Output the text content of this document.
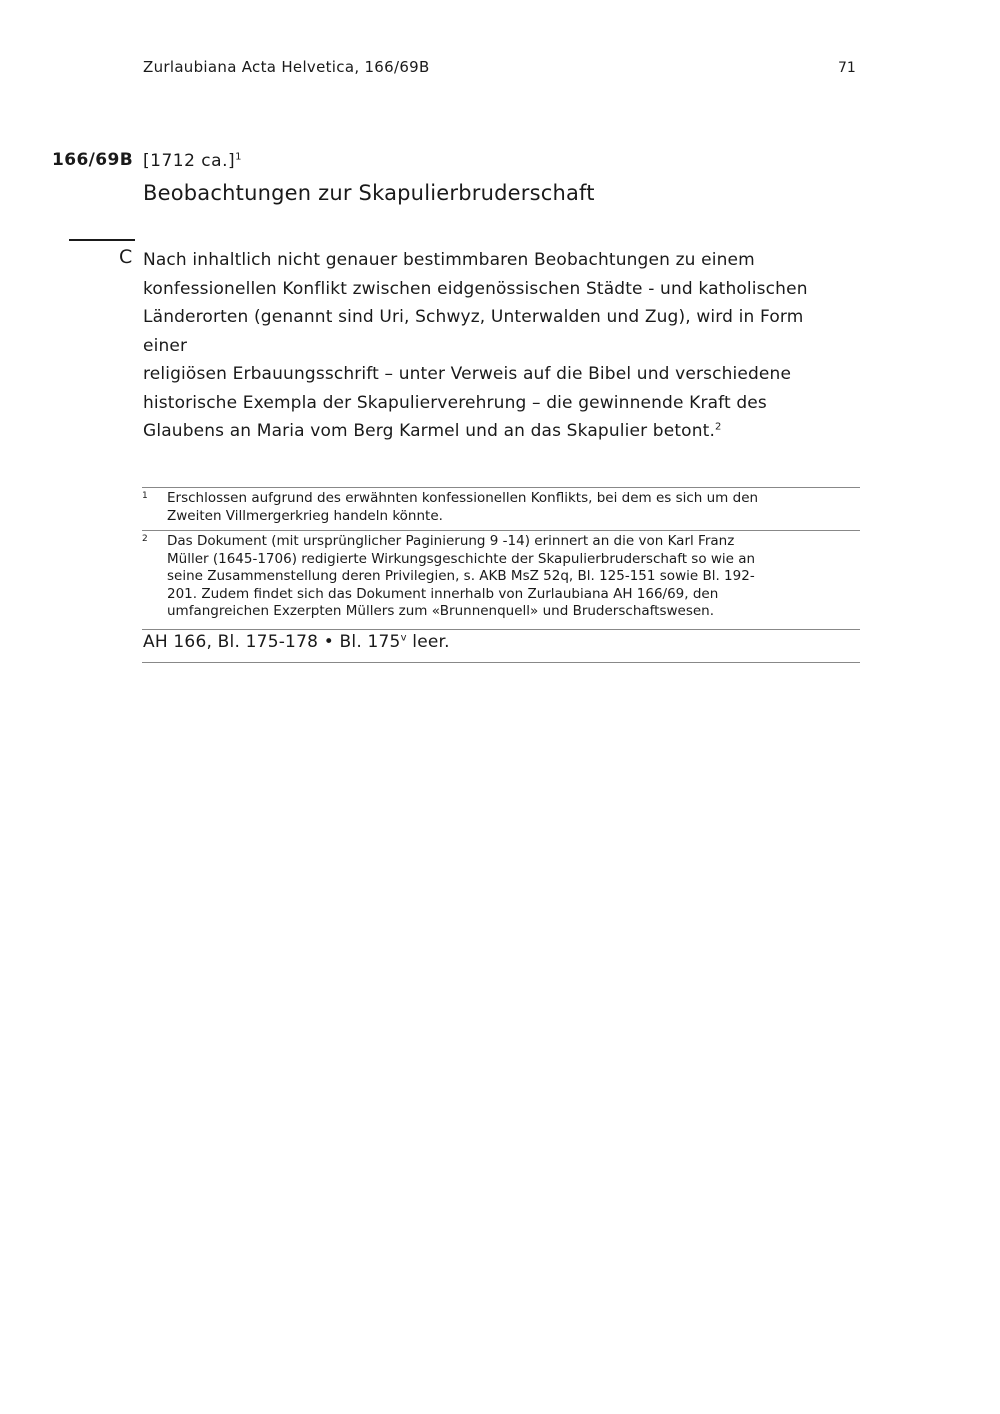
Zurlaubiana Acta Helvetica, 166/69B	71
166/69B [1712 ca.]$^1$
Beobachtungen zur Skapulierbruderschaft
C Nach inhaltlich nicht genauer bestimmbaren Beobachtungen zu einem
konfessionellen Konflikt zwischen eidgenössischen Städte - und katholischen
Länderorten (genannt sind Uri, Schwyz, Unterwalden und Zug), wird in Form
einer
religiösen Erbauungsschrift – unter Verweis auf die Bibel und verschiedene
historische Exempla der Skapulierverehrung – die gewinnende Kraft des
Glaubens an Maria vom Berg Karmel und an das Skapulier betont.$^2$
1 Erschlossen aufgrund des erwähnten konfessionellen Konflikts, bei dem es sich um den
Zweiten Villmergerkrieg handeln könnte.
2 Das Dokument (mit ursprünglicher Paginierung 9 -14) erinnert an die von Karl Franz
Müller (1645-1706) redigierte Wirkungsgeschichte der Skapulierbruderschaft so wie an
seine Zusammenstellung deren Privilegien, s. AKB MsZ 52q, Bl. 125-151 sowie Bl. 192-
201. Zudem findet sich das Dokument innerhalb von Zurlaubiana AH 166/69, den
umfangreichen Exzerpten Müllers zum «Brunnenquell» und Bruderschaftswesen.
AH 166, Bl. 175-178 • Bl. 175$^v$ leer.
